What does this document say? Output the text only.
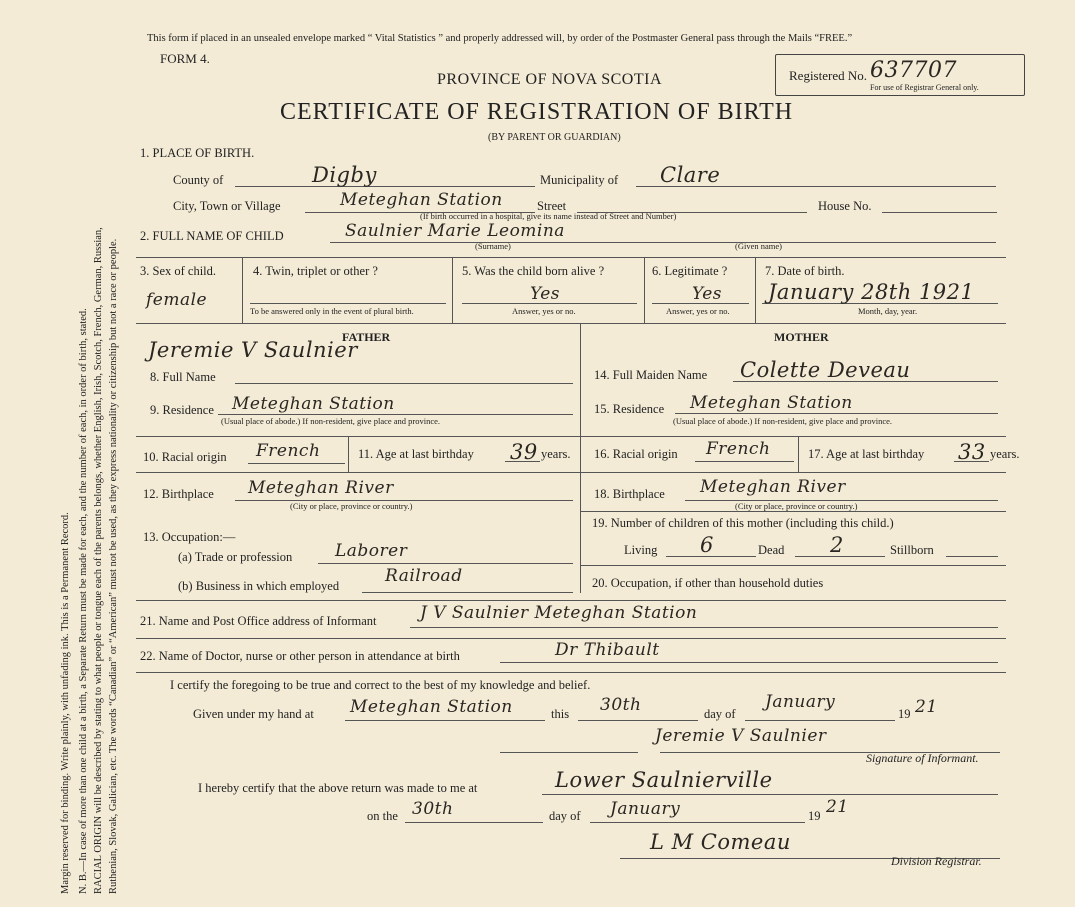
Margin reserved for binding. Write plainly, with unfading ink. This is a Permanent Record. N. B.—In case of more than one child at a birth, a Separate Return must be made for each, and the number of each, in order of birth, stated. RACIAL ORIGIN will be described by stating to what people or tongue each of the parents belongs, whether English, Irish, Scotch, French, German, Russian, Ruthenian, Slovak, Galician, etc. The words “Canadian” or “American” must not be used, as they express nationality or citizenship but not a race or people.
This form if placed in an unsealed envelope marked “ Vital Statistics ” and properly addressed will, by order of the Postmaster General pass through the Mails “FREE.”
FORM 4.
PROVINCE OF NOVA SCOTIA
CERTIFICATE OF REGISTRATION OF BIRTH
(BY PARENT OR GUARDIAN)
Registered No. 637707
For use of Registrar General only.
1. PLACE OF BIRTH.
County of	Digby	Municipality of Clare
City, Town or Village	Meteghan Station	Street	House No.
(If birth occurred in a hospital, give its name instead of Street and Number)
2. FULL NAME OF CHILD	Saulnier Marie Leomina
(Surname)	(Given name)
3. Sex of child.
female
4. Twin, triplet or other ?
To be answered only in the event of plural birth.
5. Was the child born alive ?
Yes
Answer, yes or no.
6. Legitimate ?
Yes
Answer, yes or no.
7. Date of birth.
January 28th 1921
Month, day, year.
FATHER	MOTHER
Jeremie V Saulnier
8. Full Name	14. Full Maiden Name Colette Deveau
9. Residence Meteghan Station
(Usual place of abode.) If non-resident, give place and province.
15. Residence Meteghan Station
(Usual place of abode.) If non-resident, give place and province.
10. Racial origin French	11. Age at last birthday 39 years. 16. Racial origin French	17. Age at last birthday 33 years.
12. Birthplace Meteghan River
(City or place, province or country.)
18. Birthplace Meteghan River
(City or place, province or country.)
13. Occupation:—
(a) Trade or profession	Laborer
(b) Business in which employed	Railroad
19. Number of children of this mother (including this child.)
Living 6	Dead 2	Stillborn
20. Occupation, if other than household duties
21. Name and Post Office address of Informant	J V Saulnier Meteghan Station
22. Name of Doctor, nurse or other person in attendance at birth	Dr Thibault
I certify the foregoing to be true and correct to the best of my knowledge and belief.
Given under my hand at Meteghan Station	this 30th	day of
January
19 21
Jeremie V Saulnier
Signature of Informant.
I hereby certify that the above return was made to me at	Lower Saulnierville
on the 30th	day of January	19 21
L M Comeau
Division Registrar.
